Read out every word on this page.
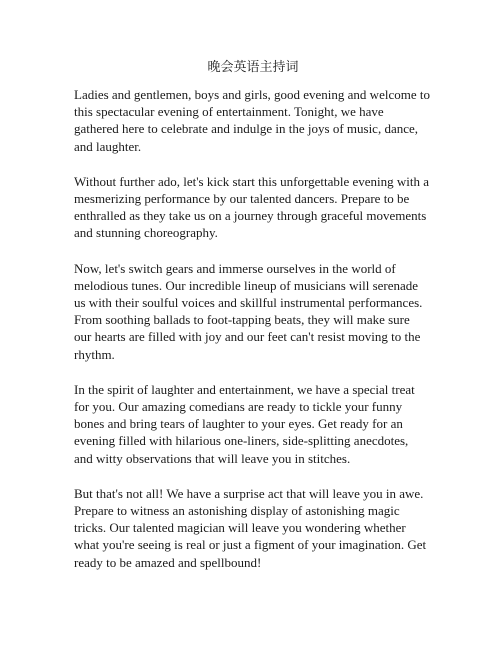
晚会英语主持词

Ladies and gentlemen, boys and girls, good evening and welcome to this spectacular evening of entertainment. Tonight, we have gathered here to celebrate and indulge in the joys of music, dance, and laughter.

Without further ado, let's kick start this unforgettable evening with a mesmerizing performance by our talented dancers. Prepare to be enthralled as they take us on a journey through graceful movements and stunning choreography.

Now, let's switch gears and immerse ourselves in the world of melodious tunes. Our incredible lineup of musicians will serenade us with their soulful voices and skillful instrumental performances. From soothing ballads to foot-tapping beats, they will make sure our hearts are filled with joy and our feet can't resist moving to the rhythm.

In the spirit of laughter and entertainment, we have a special treat for you. Our amazing comedians are ready to tickle your funny bones and bring tears of laughter to your eyes. Get ready for an evening filled with hilarious one-liners, side-splitting anecdotes, and witty observations that will leave you in stitches.

But that's not all! We have a surprise act that will leave you in awe. Prepare to witness an astonishing display of astonishing magic tricks. Our talented magician will leave you wondering whether what you're seeing is real or just a figment of your imagination. Get ready to be amazed and spellbound!
